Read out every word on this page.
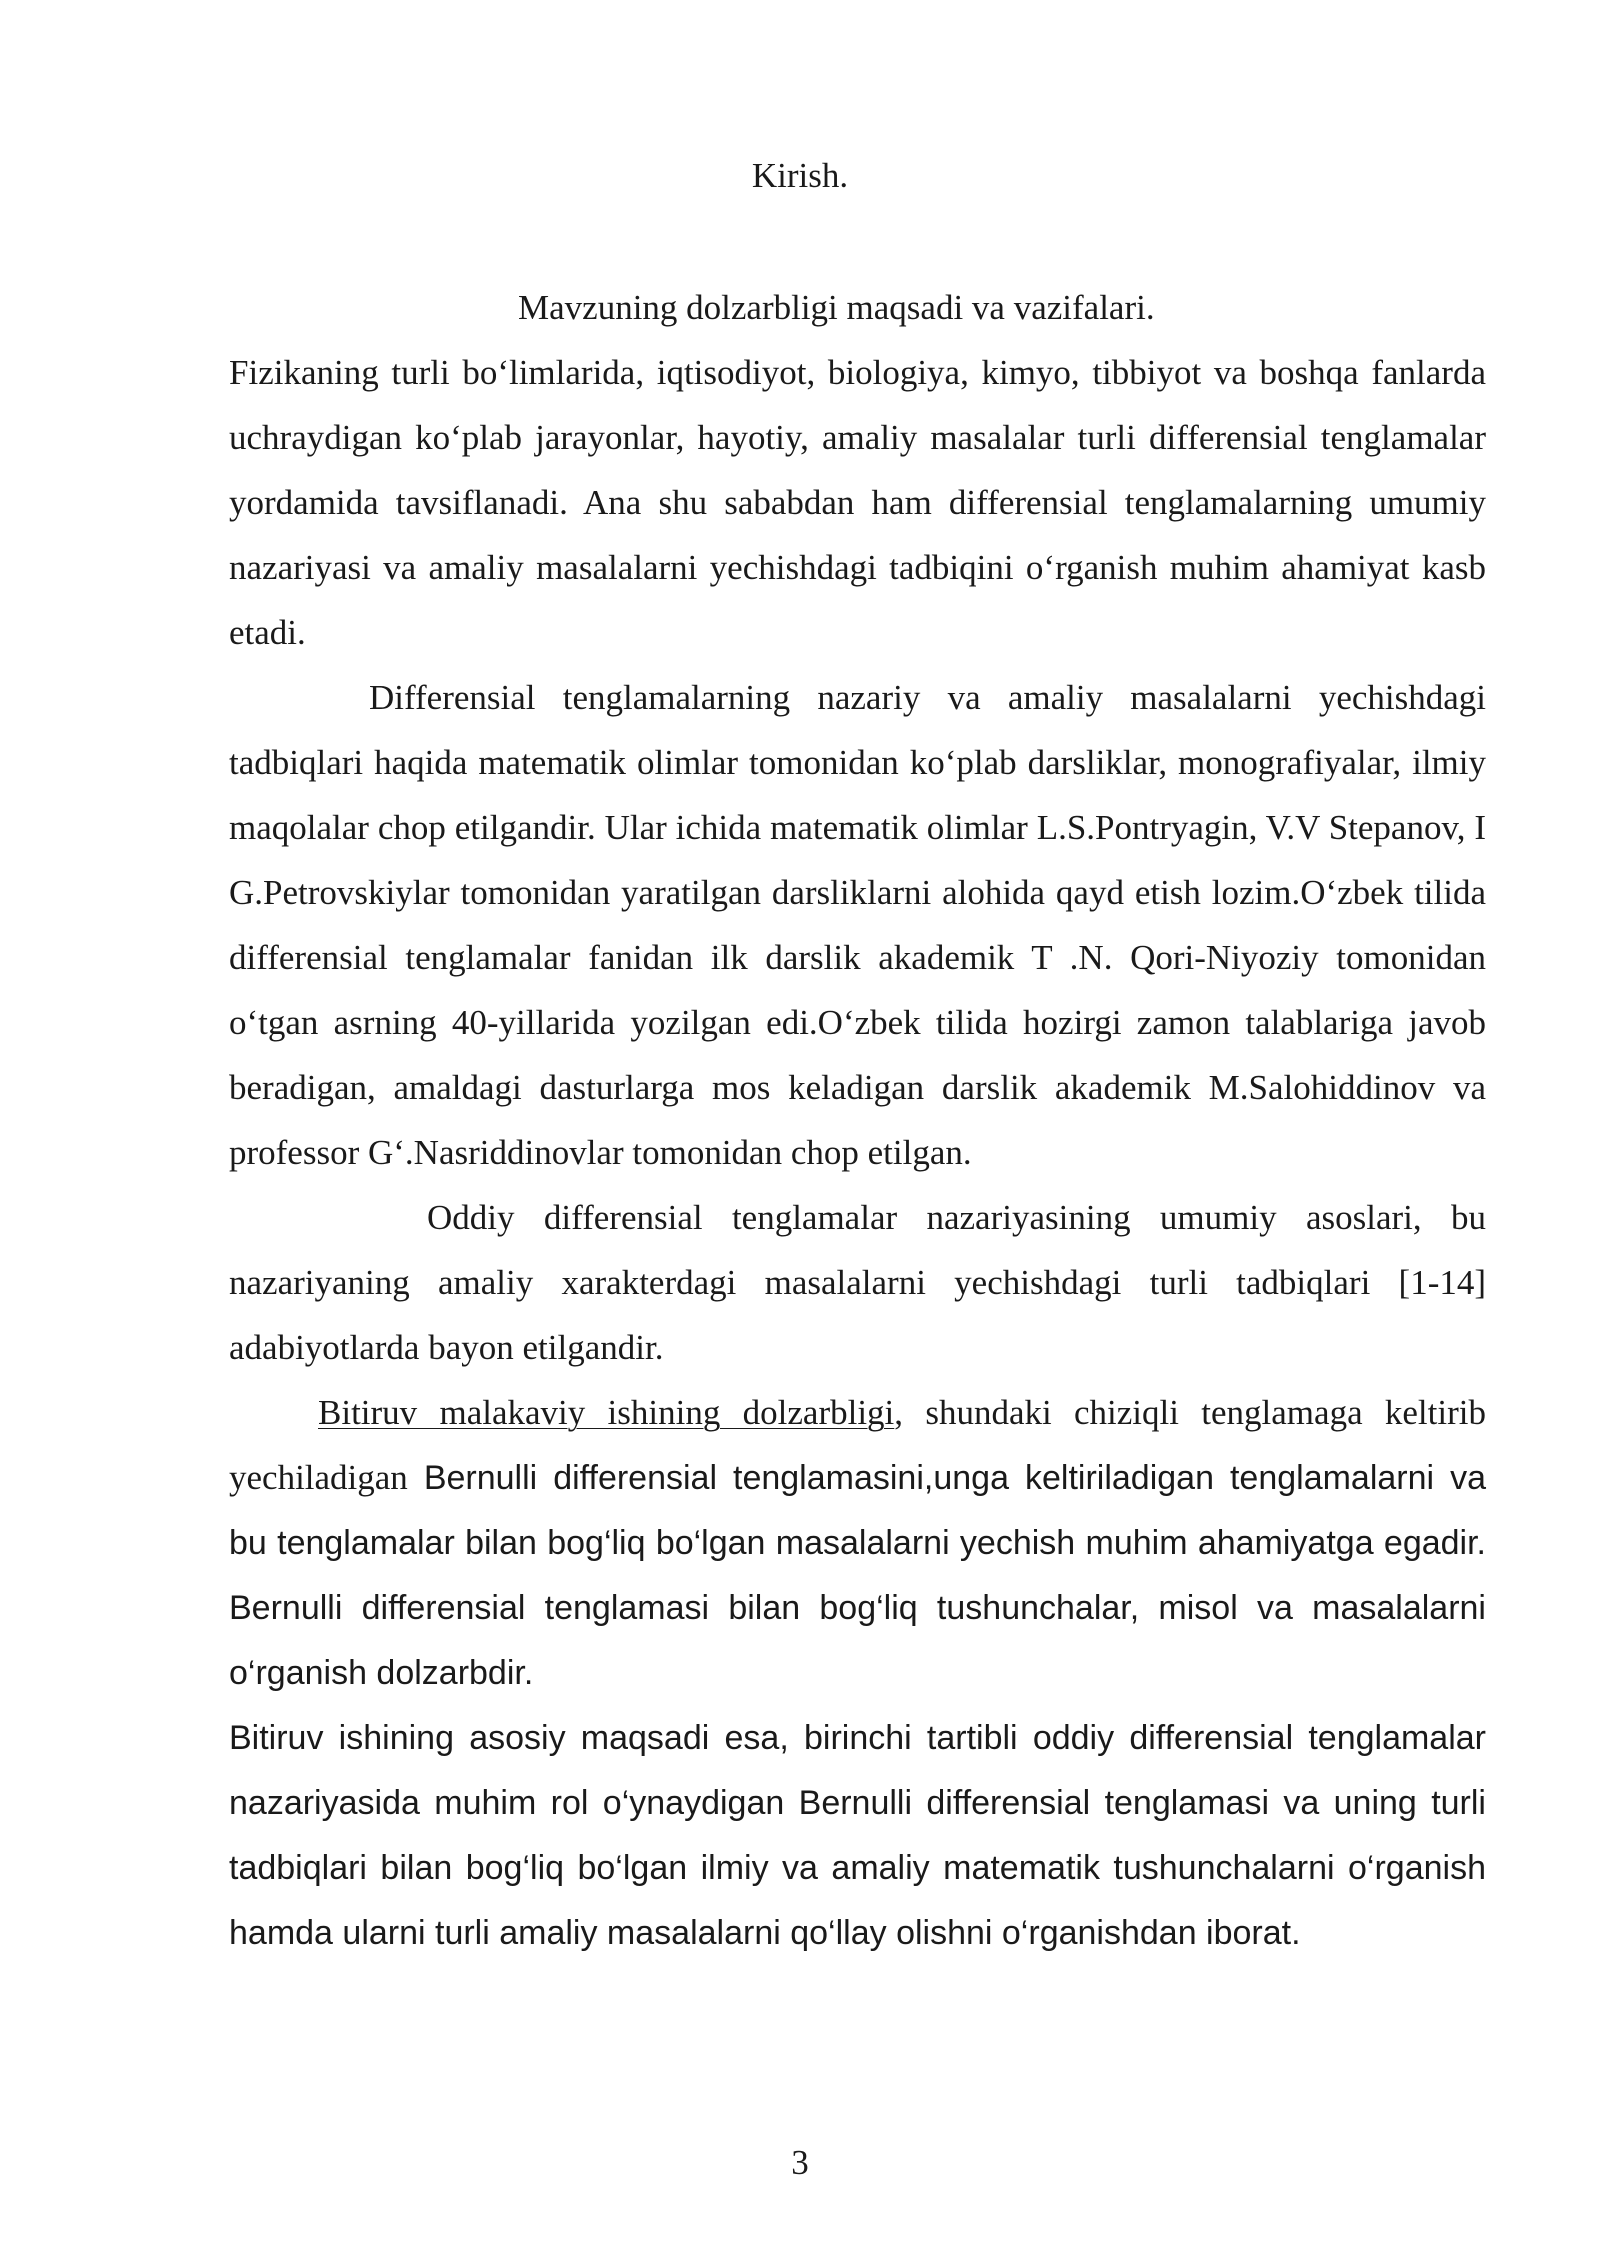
Kirish.
Mavzuning dolzarbligi maqsadi va vazifalari.

Fizikaning turli bo‘limlarida, iqtisodiyot, biologiya, kimyo, tibbiyot va boshqa fanlarda uchraydigan ko‘plab jarayonlar, hayotiy, amaliy masalalar turli differensial tenglamalar yordamida tavsiflanadi. Ana shu sababdan ham differensial tenglamalarning umumiy nazariyasi va amaliy masalalarni yechishdagi tadbiqini o‘rganish muhim ahamiyat kasb etadi.

Differensial tenglamalarning nazariy va amaliy masalalarni yechishdagi tadbiqlari haqida matematik olimlar tomonidan ko‘plab darsliklar, monografiyalar, ilmiy maqolalar chop etilgandir. Ular ichida matematik olimlar L.S.Pontryagin, V.V Stepanov, I G.Petrovskiylar tomonidan yaratilgan darsliklarni alohida qayd etish lozim.O‘zbek tilida differensial tenglamalar fanidan ilk darslik akademik T .N. Qori-Niyoziy tomonidan o‘tgan asrning 40-yillarida yozilgan edi.O‘zbek tilida hozirgi zamon talablariga javob beradigan, amaldagi dasturlarga mos keladigan darslik akademik M.Salohiddinov va professor G‘.Nasriddinovlar tomonidan chop etilgan.

Oddiy differensial tenglamalar nazariyasining umumiy asoslari, bu nazariyaning amaliy xarakterdagi masalalarni yechishdagi turli tadbiqlari [1-14] adabiyotlarda bayon etilgandir.

Bitiruv malakaviy ishining dolzarbligi, shundaki chiziqli tenglamaga keltirib yechiladigan Bernulli differensial tenglamasini,unga keltiriladigan tenglamalarni va bu tenglamalar bilan bog‘liq bo‘lgan masalalarni yechish muhim ahamiyatga egadir. Bernulli differensial tenglamasi bilan bog‘liq tushunchalar, misol va masalalarni o‘rganish dolzarbdir.

Bitiruv ishining asosiy maqsadi esa, birinchi tartibli oddiy differensial tenglamalar nazariyasida muhim rol o‘ynaydigan Bernulli differensial tenglamasi va uning turli tadbiqlari bilan bog‘liq bo‘lgan ilmiy va amaliy matematik tushunchalarni o‘rganish hamda ularni turli amaliy masalalarni qo‘llay olishni o‘rganishdan iborat.

3
